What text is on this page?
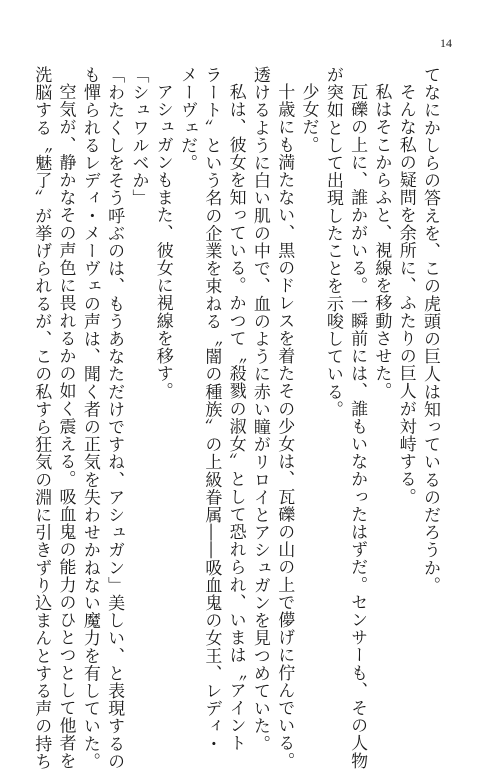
14
てなにかしらの答えを、この虎頭の巨人は知っているのだろうか。
そんな私の疑問を余所に、ふたりの巨人が対峙する。
私はそこからふと、視線を移動させた。
瓦礫の上に、誰かがいる。一瞬前には、誰もいなかったはずだ。センサーも、その人物
が突如として出現したことを示唆している。
少女だ。
十歳にも満たない、黒のドレスを着たその少女は、瓦礫の山の上で儚げに佇んでいる。
透けるように白い肌の中で、血のように赤い瞳がリロイとアシュガンを見つめていた。
私は、彼女を知っている。かつて〝殺戮の淑女〟として恐れられ、いまは〝アイント
ラート〟という名の企業を束ねる〝闇の種族〟の上級眷属――吸血鬼の女王、レディ・
メーヴェだ。
アシュガンもまた、彼女に視線を移す。
「シュワルベか」
「わたくしをそう呼ぶのは、もうあなただけですね、アシュガン」美しい、と表現するの
も憚られるレディ・メーヴェの声は、聞く者の正気を失わせかねない魔力を有していた。
空気が、静かなその声色に畏れるかの如く震える。吸血鬼の能力のひとつとして他者を
洗脳する〝魅了〟が挙げられるが、この私すら狂気の淵に引きずり込まんとする声の持ち
